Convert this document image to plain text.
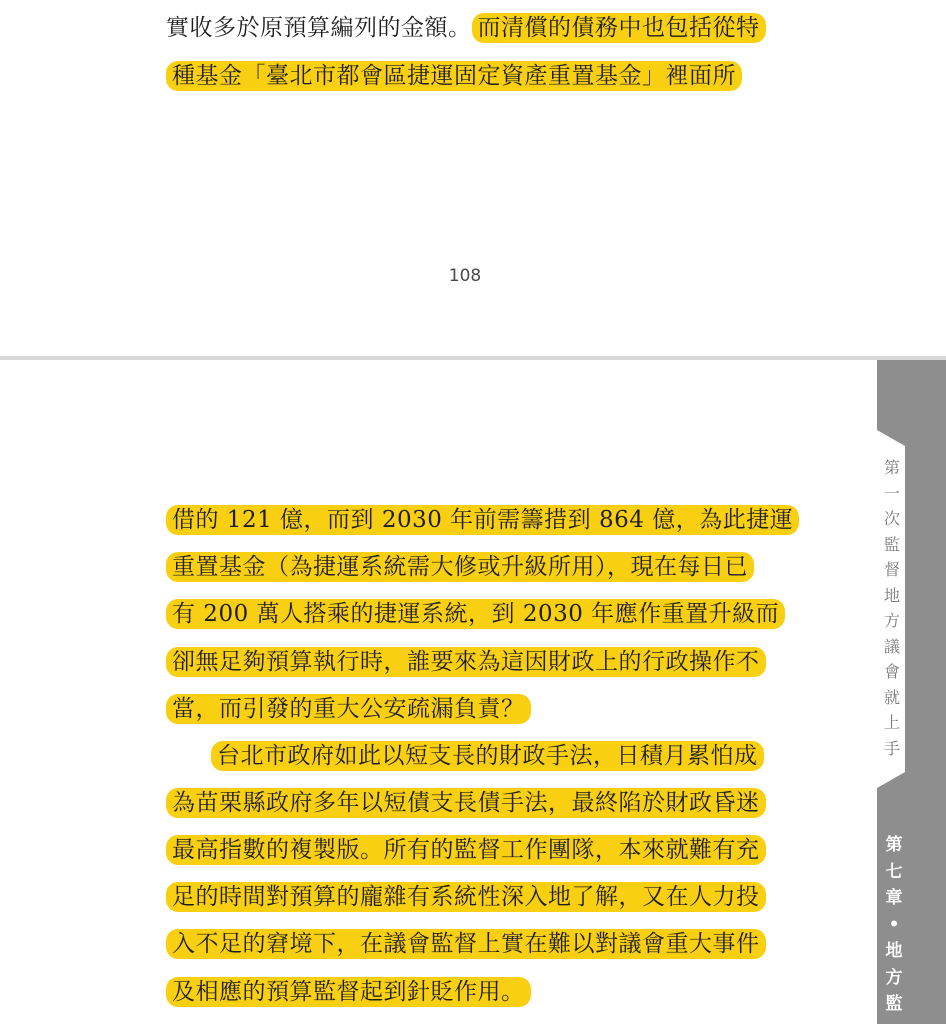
實收多於原預算編列的金額。 而清償的債務中也包括從特
種基金「臺北市都會區捷運固定資產重置基金」裡面所
108
借的 121 億，而到 2030 年前需籌措到 864 億，為此捷運
重置基金（為捷運系統需大修或升級所用），現在每日已
有 200 萬人搭乘的捷運系統，到 2030 年應作重置升級而
卻無足夠預算執行時，誰要來為這因財政上的行政操作不
當，而引發的重大公安疏漏負責？
台北市政府如此以短支長的財政手法，日積月累怕成
為苗栗縣政府多年以短債支長債手法，最終陷於財政昏迷
最高指數的複製版。所有的監督工作團隊，本來就難有充
足的時間對預算的龐雜有系統性深入地了解，又在人力投
入不足的窘境下，在議會監督上實在難以對議會重大事件
及相應的預算監督起到針貶作用。
第
一
次
監
督
地
方
議
會
就
上
手
第
七
章
•
地
方
監
